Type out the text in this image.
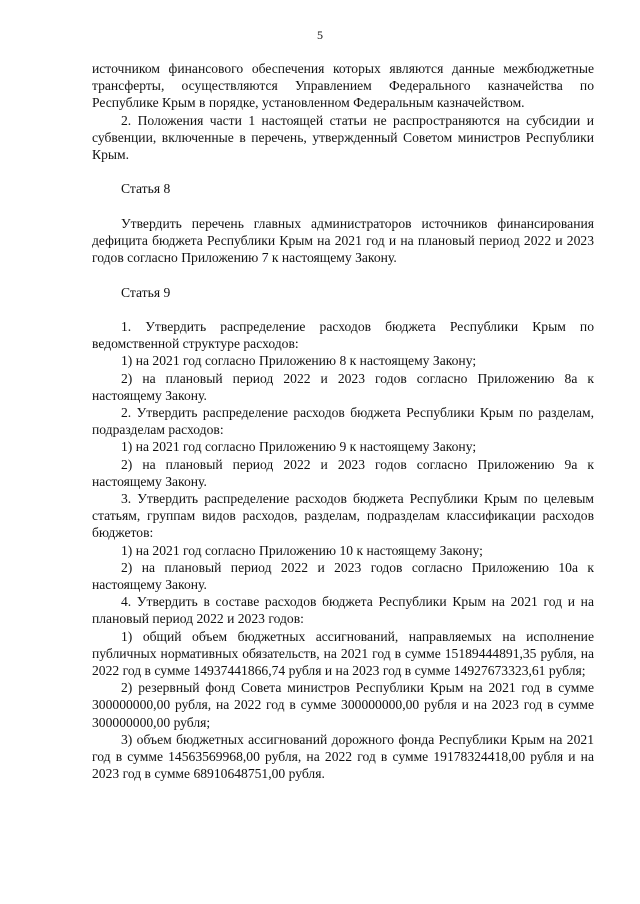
5

источником финансового обеспечения которых являются данные межбюджетные трансферты, осуществляются Управлением Федерального казначейства по Республике Крым в порядке, установленном Федеральным казначейством.

2. Положения части 1 настоящей статьи не распространяются на субсидии и субвенции, включенные в перечень, утвержденный Советом министров Республики Крым.

Статья 8

Утвердить перечень главных администраторов источников финансирования дефицита бюджета Республики Крым на 2021 год и на плановый период 2022 и 2023 годов согласно Приложению 7 к настоящему Закону.

Статья 9

1. Утвердить распределение расходов бюджета Республики Крым по ведомственной структуре расходов:

1) на 2021 год согласно Приложению 8 к настоящему Закону;

2) на плановый период 2022 и 2023 годов согласно Приложению 8а к настоящему Закону.

2. Утвердить распределение расходов бюджета Республики Крым по разделам, подразделам расходов:

1) на 2021 год согласно Приложению 9 к настоящему Закону;

2) на плановый период 2022 и 2023 годов согласно Приложению 9а к настоящему Закону.

3. Утвердить распределение расходов бюджета Республики Крым по целевым статьям, группам видов расходов, разделам, подразделам классификации расходов бюджетов:

1) на 2021 год согласно Приложению 10 к настоящему Закону;

2) на плановый период 2022 и 2023 годов согласно Приложению 10а к настоящему Закону.

4. Утвердить в составе расходов бюджета Республики Крым на 2021 год и на плановый период 2022 и 2023 годов:

1) общий объем бюджетных ассигнований, направляемых на исполнение публичных нормативных обязательств, на 2021 год в сумме 15189444891,35 рубля, на 2022 год в сумме 14937441866,74 рубля и на 2023 год в сумме 14927673323,61 рубля;

2) резервный фонд Совета министров Республики Крым на 2021 год в сумме 300000000,00 рубля, на 2022 год в сумме 300000000,00 рубля и на 2023 год в сумме 300000000,00 рубля;

3) объем бюджетных ассигнований дорожного фонда Республики Крым на 2021 год в сумме 14563569968,00 рубля, на 2022 год в сумме 19178324418,00 рубля и на 2023 год в сумме 68910648751,00 рубля.
